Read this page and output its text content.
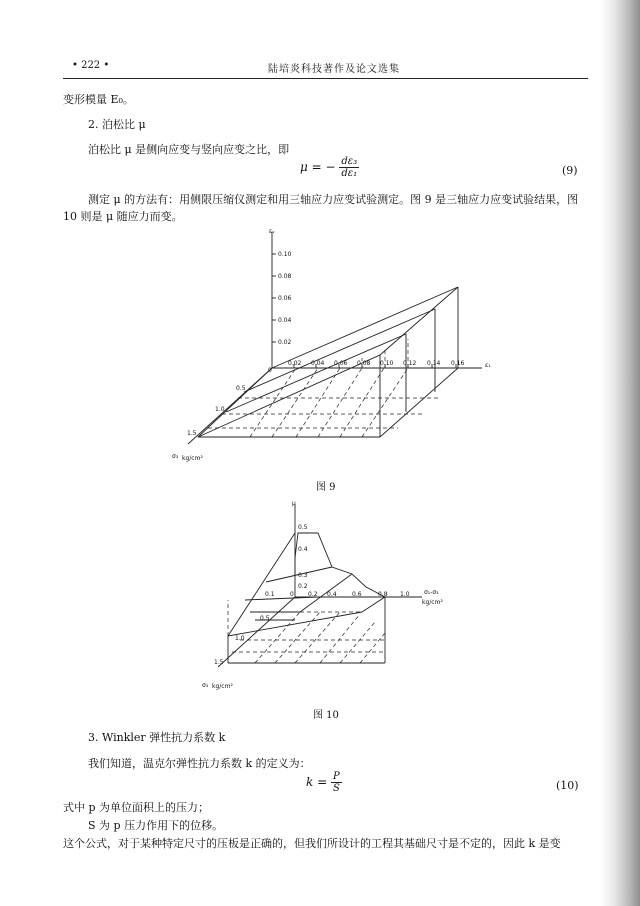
• 222 •	陆培炎科技著作及论文选集
变形模量 E₀。
2. 泊松比 μ
泊松比 μ 是侧向应变与竖向应变之比，即
μ = − $\frac{\text{dε₃}}{\text{dε₁}}$	(9)
测定 μ 的方法有：用侧限压缩仪测定和用三轴应力应变试验测定。图 9 是三轴应力应变试验结果，图
10 则是 μ 随应力而变。
εᵥ
ε₁
σ₃ kg/cm²
0.10
0.08
0.06
0.04
0.02
0
0.02 0.04 0.06 0.08 0.10 0.12 0.14 0.16
0.5
1.0
1.5
图 9
μ
σ₁-σ₃
kg/cm²
σ₃ kg/cm²
0.5
0.4
0.3
0.2
0.1	0 0.2 0.4	0.6	0.8 1.0
0.5
1.0
1.5
图 10
3. Winkler 弹性抗力系数 k
我们知道，温克尔弹性抗力系数 k 的定义为：
$k = \frac{P}{S}$	(10)
式中 p 为单位面积上的压力；
S 为 p 压力作用下的位移。
这个公式，对于某种特定尺寸的压板是正确的，但我们所设计的工程其基础尺寸是不定的，因此 k 是变
